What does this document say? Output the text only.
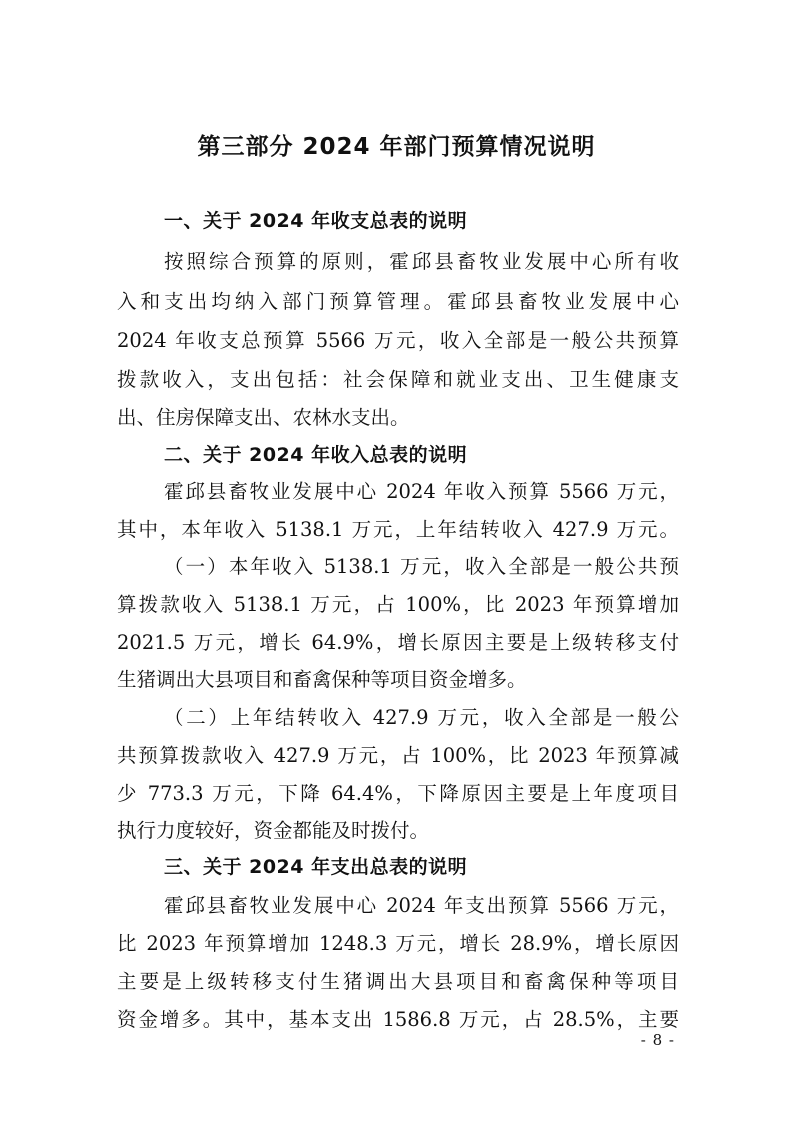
第三部分 2024 年部门预算情况说明
一、关于 2024 年收支总表的说明
按照综合预算的原则，霍邱县畜牧业发展中心所有收
入和支出均纳入部门预算管理。霍邱县畜牧业发展中心
2024 年收支总预算 5566 万元，收入全部是一般公共预算
拨款收入，支出包括：社会保障和就业支出、卫生健康支
出、住房保障支出、农林水支出。
二、关于 2024 年收入总表的说明
霍邱县畜牧业发展中心 2024 年收入预算 5566 万元，
其中，本年收入 5138.1 万元，上年结转收入 427.9 万元。
（一）本年收入 5138.1 万元，收入全部是一般公共预
算拨款收入 5138.1 万元，占 100%，比 2023 年预算增加
2021.5 万元，增长 64.9%，增长原因主要是上级转移支付
生猪调出大县项目和畜禽保种等项目资金增多。
（二）上年结转收入 427.9 万元，收入全部是一般公
共预算拨款收入 427.9 万元，占 100%，比 2023 年预算减
少 773.3 万元，下降 64.4%，下降原因主要是上年度项目
执行力度较好，资金都能及时拨付。
三、关于 2024 年支出总表的说明
霍邱县畜牧业发展中心 2024 年支出预算 5566 万元，
比 2023 年预算增加 1248.3 万元，增长 28.9%，增长原因
主要是上级转移支付生猪调出大县项目和畜禽保种等项目
资金增多。其中，基本支出 1586.8 万元，占 28.5%，主要
- 8 -
